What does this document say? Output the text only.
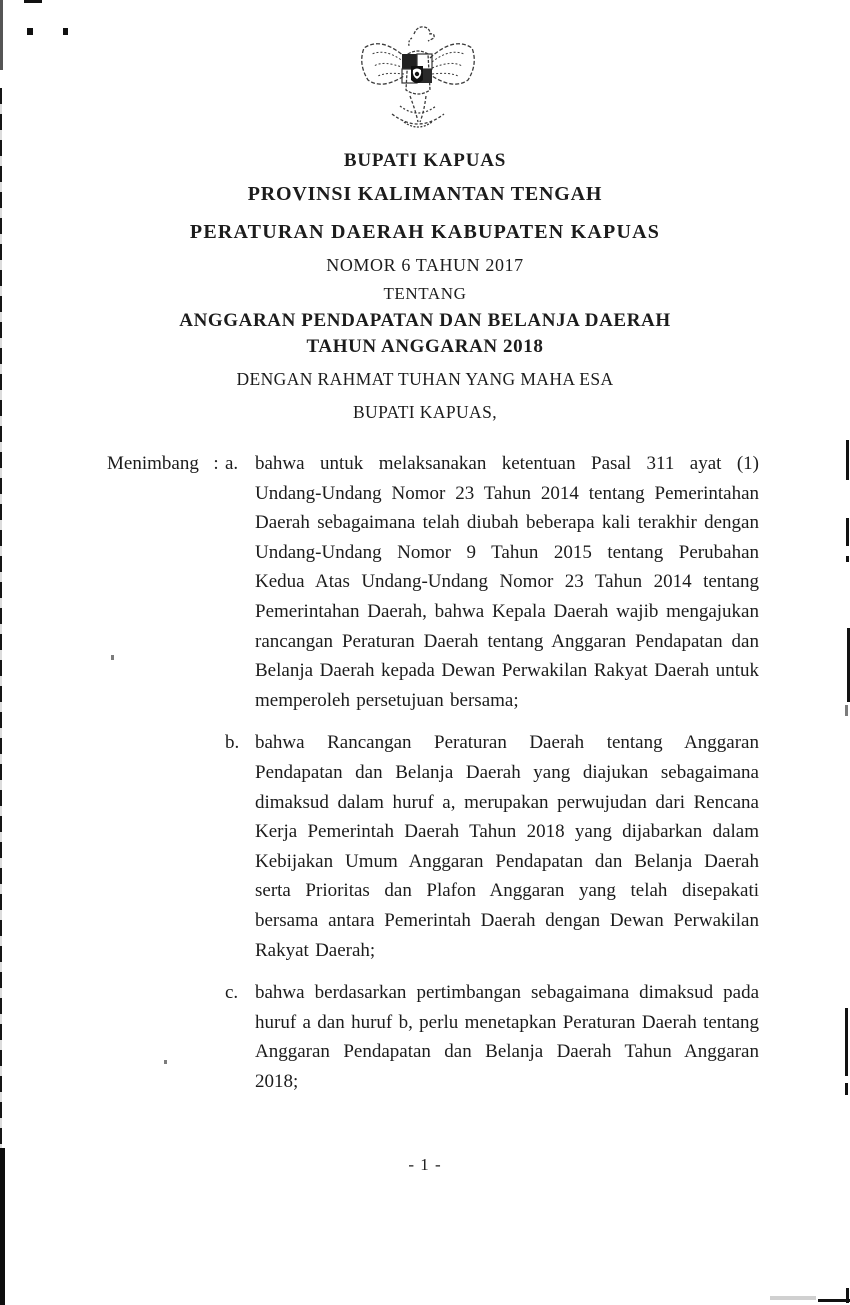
BUPATI KAPUAS
PROVINSI KALIMANTAN TENGAH
PERATURAN DAERAH KABUPATEN KAPUAS
NOMOR 6 TAHUN 2017
TENTANG
ANGGARAN PENDAPATAN DAN BELANJA DAERAH
TAHUN ANGGARAN 2018
DENGAN RAHMAT TUHAN YANG MAHA ESA
BUPATI KAPUAS,
Menimbang : a. bahwa untuk melaksanakan ketentuan Pasal 311 ayat (1) Undang-Undang Nomor 23 Tahun 2014 tentang Pemerintahan Daerah sebagaimana telah diubah beberapa kali terakhir dengan Undang-Undang Nomor 9 Tahun 2015 tentang Perubahan Kedua Atas Undang-Undang Nomor 23 Tahun 2014 tentang Pemerintahan Daerah, bahwa Kepala Daerah wajib mengajukan rancangan Peraturan Daerah tentang Anggaran Pendapatan dan Belanja Daerah kepada Dewan Perwakilan Rakyat Daerah untuk memperoleh persetujuan bersama;
b. bahwa Rancangan Peraturan Daerah tentang Anggaran Pendapatan dan Belanja Daerah yang diajukan sebagaimana dimaksud dalam huruf a, merupakan perwujudan dari Rencana Kerja Pemerintah Daerah Tahun 2018 yang dijabarkan dalam Kebijakan Umum Anggaran Pendapatan dan Belanja Daerah serta Prioritas dan Plafon Anggaran yang telah disepakati bersama antara Pemerintah Daerah dengan Dewan Perwakilan Rakyat Daerah;
c. bahwa berdasarkan pertimbangan sebagaimana dimaksud pada huruf a dan huruf b, perlu menetapkan Peraturan Daerah tentang Anggaran Pendapatan dan Belanja Daerah Tahun Anggaran 2018;
- 1 -
